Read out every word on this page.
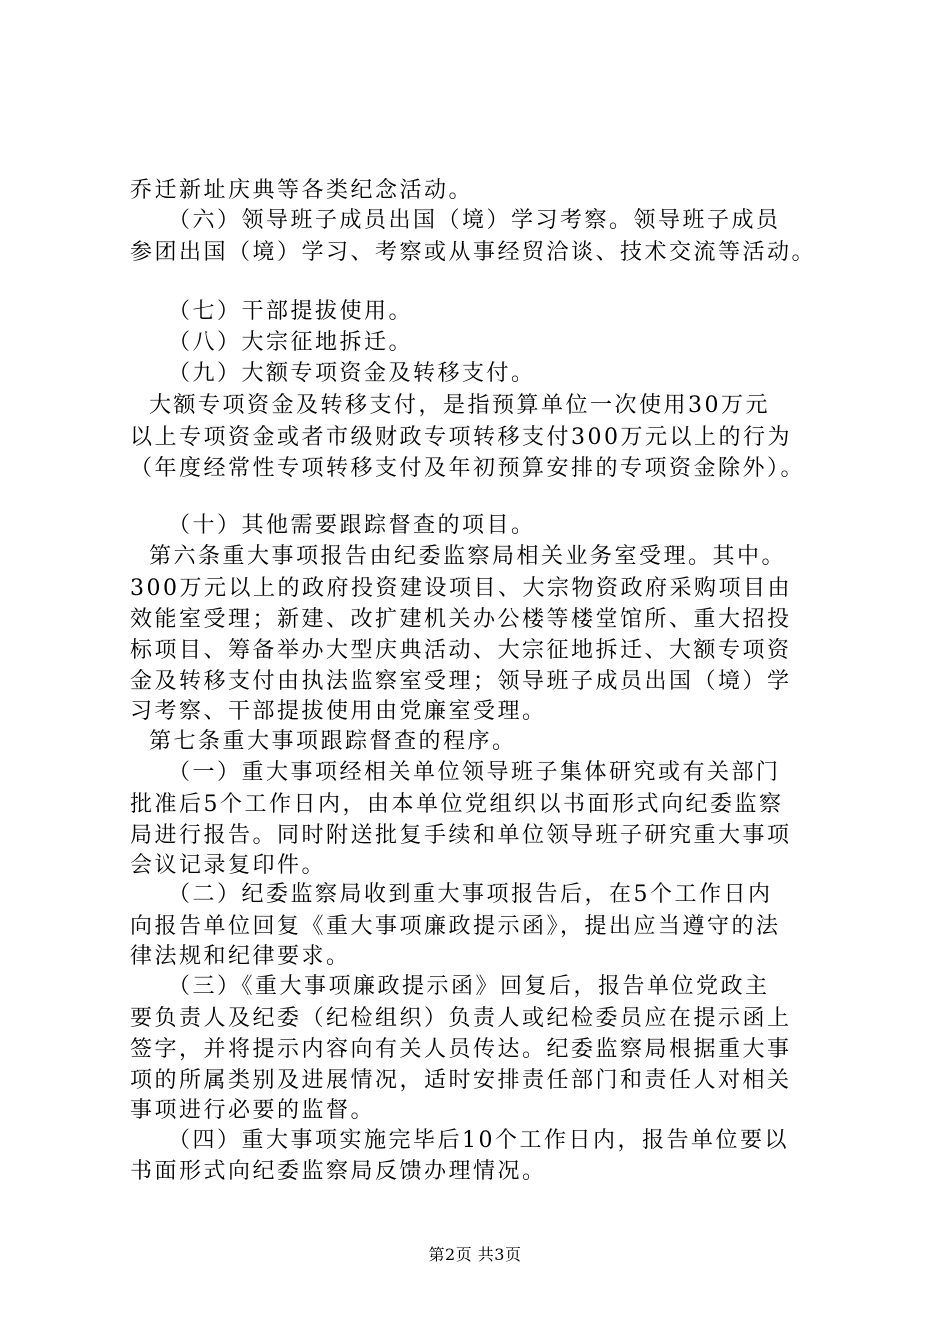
乔迁新址庆典等各类纪念活动。
（六）领导班子成员出国（境）学习考察。领导班子成员
参团出国（境）学习、考察或从事经贸洽谈、技术交流等活动。
（七）干部提拔使用。
（八）大宗征地拆迁。
（九）大额专项资金及转移支付。
大额专项资金及转移支付，是指预算单位一次使用30万元
以上专项资金或者市级财政专项转移支付300万元以上的行为
（年度经常性专项转移支付及年初预算安排的专项资金除外）。
（十）其他需要跟踪督查的项目。
第六条重大事项报告由纪委监察局相关业务室受理。其中。
300万元以上的政府投资建设项目、大宗物资政府采购项目由
效能室受理；新建、改扩建机关办公楼等楼堂馆所、重大招投
标项目、筹备举办大型庆典活动、大宗征地拆迁、大额专项资
金及转移支付由执法监察室受理；领导班子成员出国（境）学
习考察、干部提拔使用由党廉室受理。
第七条重大事项跟踪督查的程序。
（一）重大事项经相关单位领导班子集体研究或有关部门
批准后5个工作日内，由本单位党组织以书面形式向纪委监察
局进行报告。同时附送批复手续和单位领导班子研究重大事项
会议记录复印件。
（二）纪委监察局收到重大事项报告后，在5个工作日内
向报告单位回复《重大事项廉政提示函》，提出应当遵守的法
律法规和纪律要求。
（三）《重大事项廉政提示函》回复后，报告单位党政主
要负责人及纪委（纪检组织）负责人或纪检委员应在提示函上
签字，并将提示内容向有关人员传达。纪委监察局根据重大事
项的所属类别及进展情况，适时安排责任部门和责任人对相关
事项进行必要的监督。
（四）重大事项实施完毕后10个工作日内，报告单位要以
书面形式向纪委监察局反馈办理情况。
第2页 共3页
